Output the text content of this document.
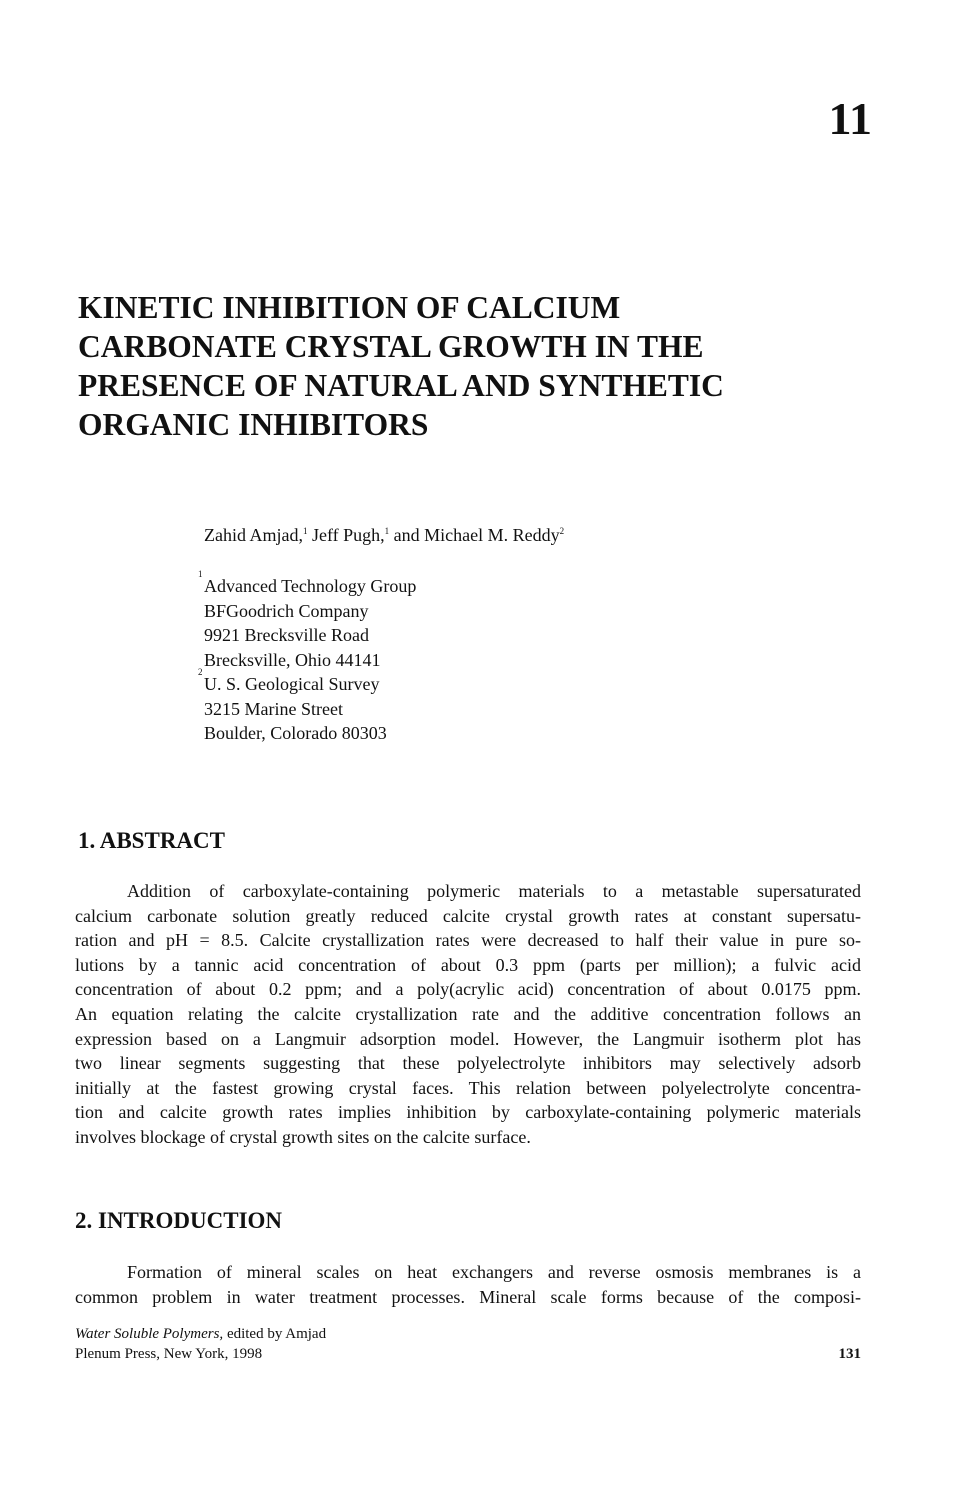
11
KINETIC INHIBITION OF CALCIUM
CARBONATE CRYSTAL GROWTH IN THE
PRESENCE OF NATURAL AND SYNTHETIC
ORGANIC INHIBITORS
Zahid Amjad,$^1$ Jeff Pugh,$^1$ and Michael M. Reddy$^2$
1
Advanced Technology Group
BFGoodrich Company
9921 Brecksville Road
Brecksville, Ohio 44141
2
U. S. Geological Survey
3215 Marine Street
Boulder, Colorado 80303
1. ABSTRACT
Addition of carboxylate-containing polymeric materials to a metastable supersaturated
calcium carbonate solution greatly reduced calcite crystal growth rates at constant supersatu-
ration and pH = 8.5. Calcite crystallization rates were decreased to half their value in pure so-
lutions by a tannic acid concentration of about 0.3 ppm (parts per million); a fulvic acid
concentration of about 0.2 ppm; and a poly(acrylic acid) concentration of about 0.0175 ppm.
An equation relating the calcite crystallization rate and the additive concentration follows an
expression based on a Langmuir adsorption model. However, the Langmuir isotherm plot has
two linear segments suggesting that these polyelectrolyte inhibitors may selectively adsorb
initially at the fastest growing crystal faces. This relation between polyelectrolyte concentra-
tion and calcite growth rates implies inhibition by carboxylate-containing polymeric materials
involves blockage of crystal growth sites on the calcite surface.
2. INTRODUCTION
Formation of mineral scales on heat exchangers and reverse osmosis membranes is a
common problem in water treatment processes. Mineral scale forms because of the composi-
Water Soluble Polymers, edited by Amjad
Plenum Press, New York, 1998	131
